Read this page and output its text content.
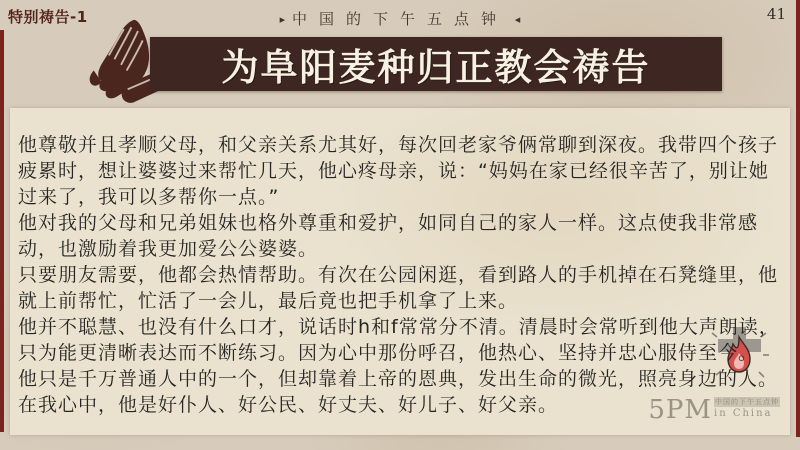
特别祷告-1	▸ 中国的下午五点钟 ◂	41
为阜阳麦种归正教会祷告
5PM 中国的下午五点钟
in China

他尊敬并且孝顺父母，和父亲关系尤其好，每次回老家爷俩常聊到深夜。我带四个孩子疲累时，想让婆婆过来帮忙几天，他心疼母亲，说：“妈妈在家已经很辛苦了，别让她过来了，我可以多帮你一点。”

他对我的父母和兄弟姐妹也格外尊重和爱护，如同自己的家人一样。这点使我非常感动，也激励着我更加爱公公婆婆。

只要朋友需要，他都会热情帮助。有次在公园闲逛，看到路人的手机掉在石凳缝里，他就上前帮忙，忙活了一会儿，最后竟也把手机拿了上来。

他并不聪慧、也没有什么口才，说话时h和f常常分不清。清晨时会常听到他大声朗读，只为能更清晰表达而不断练习。因为心中那份呼召，他热心、坚持并忠心服侍至今。

他只是千万普通人中的一个，但却靠着上帝的恩典，发出生命的微光，照亮身边的人。

在我心中，他是好仆人、好公民、好丈夫、好儿子、好父亲。
